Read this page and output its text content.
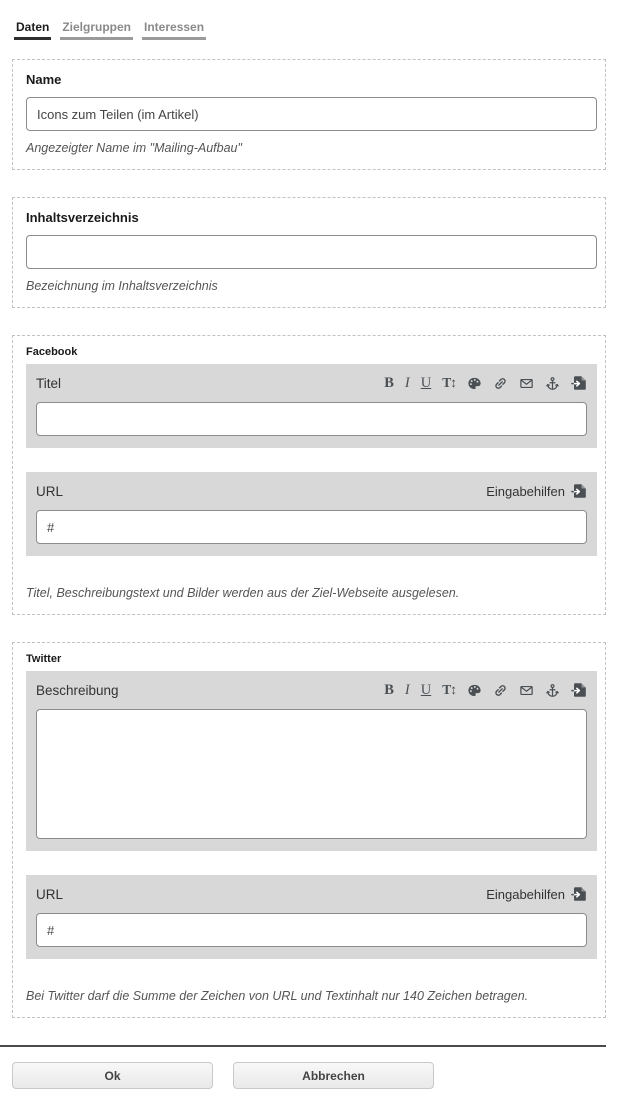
Daten Zielgruppen Interessen
Name
Icons zum Teilen (im Artikel)
Angezeigter Name im "Mailing-Aufbau"
Inhaltsverzeichnis
Bezeichnung im Inhaltsverzeichnis
Facebook
Titel	B I U T↕
URL	Eingabehilfen
#
Titel, Beschreibungstext und Bilder werden aus der Ziel-Webseite ausgelesen.
Twitter
Beschreibung	B I U T↕
URL	Eingabehilfen
#
Bei Twitter darf die Summe der Zeichen von URL und Textinhalt nur 140 Zeichen betragen.
Ok	Abbrechen
